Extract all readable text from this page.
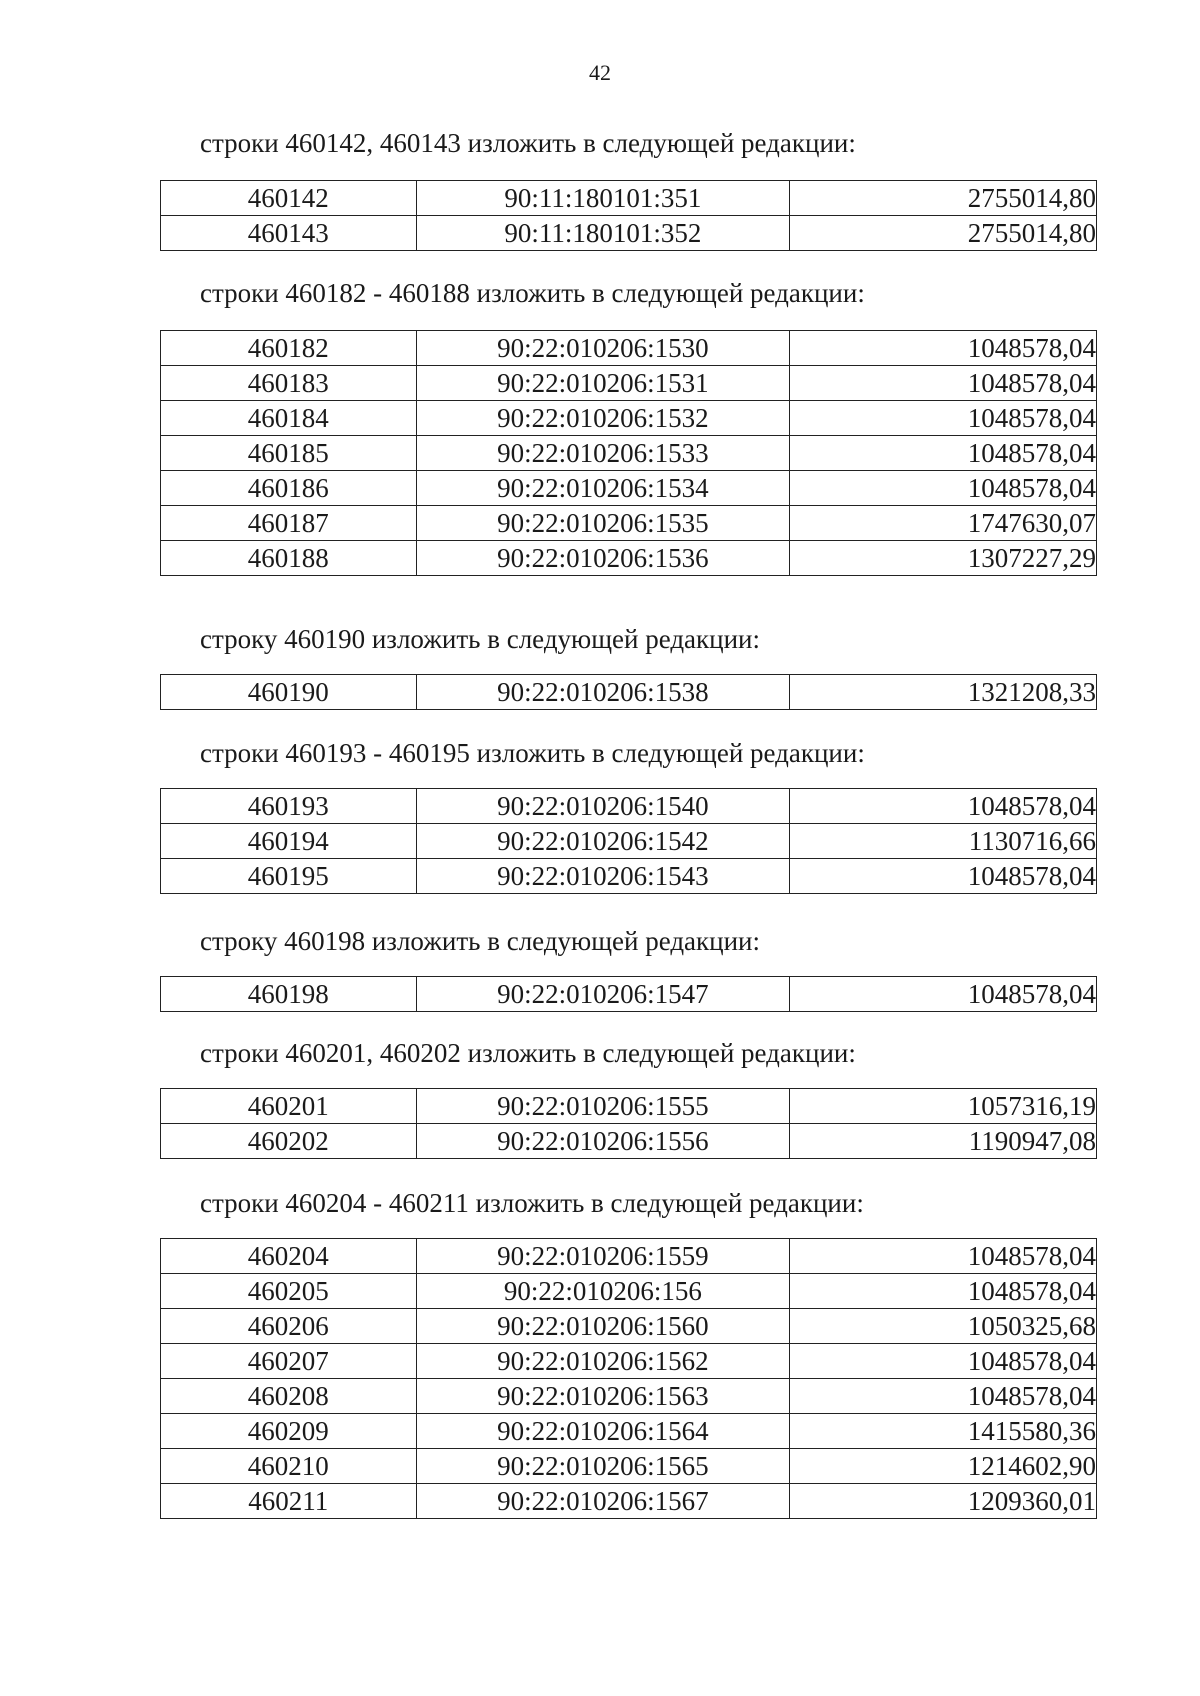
42
строки 460142, 460143 изложить в следующей редакции:
460142	90:11:180101:351	2755014,80
460143	90:11:180101:352	2755014,80
строки 460182 - 460188 изложить в следующей редакции:
460182	90:22:010206:1530	1048578,04
460183	90:22:010206:1531	1048578,04
460184	90:22:010206:1532	1048578,04
460185	90:22:010206:1533	1048578,04
460186	90:22:010206:1534	1048578,04
460187	90:22:010206:1535	1747630,07
460188	90:22:010206:1536	1307227,29
строку 460190 изложить в следующей редакции:
460190	90:22:010206:1538	1321208,33
строки 460193 - 460195 изложить в следующей редакции:
460193	90:22:010206:1540	1048578,04
460194	90:22:010206:1542	1130716,66
460195	90:22:010206:1543	1048578,04
строку 460198 изложить в следующей редакции:
460198	90:22:010206:1547	1048578,04
строки 460201, 460202 изложить в следующей редакции:
460201	90:22:010206:1555	1057316,19
460202	90:22:010206:1556	1190947,08
строки 460204 - 460211 изложить в следующей редакции:
460204	90:22:010206:1559	1048578,04
460205	90:22:010206:156	1048578,04
460206	90:22:010206:1560	1050325,68
460207	90:22:010206:1562	1048578,04
460208	90:22:010206:1563	1048578,04
460209	90:22:010206:1564	1415580,36
460210	90:22:010206:1565	1214602,90
460211	90:22:010206:1567	1209360,01
